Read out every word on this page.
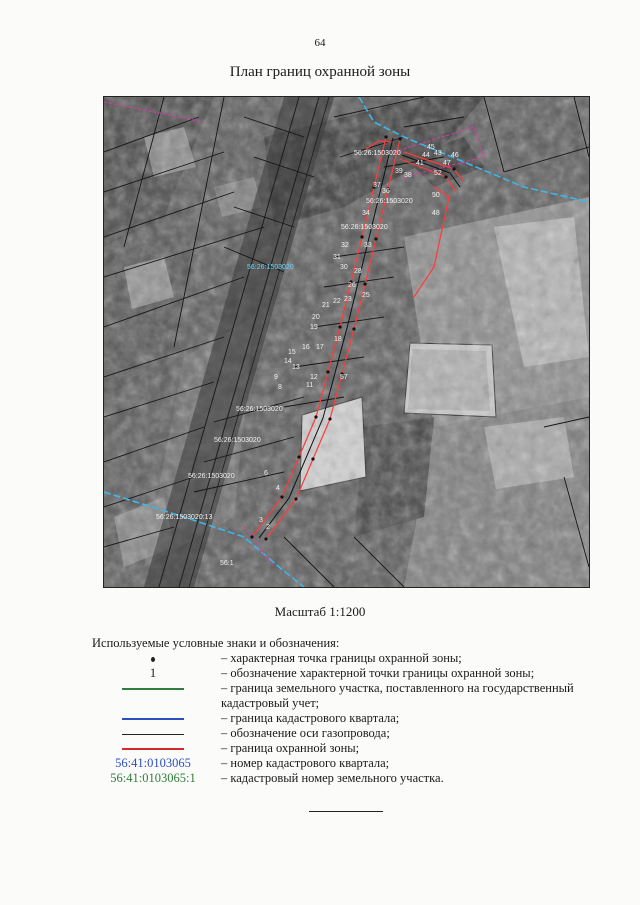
64
План границ охранной зоны
45
44 43
41
39
38
37
36
34
32 33
31
30
28
26
25
23
22
21
20
19
18
17
16
15
14
13
12
11
9
8
57
6
4
3
2
52
50
48
46
47
56:26:1503020
56:26:1503020
56:26:1503020
56:26:1503020
56:26:1503020
56:26:1503020
56:26:1503020
56:26:1503020:13
56:1
Масштаб 1:1200
Используемые условные знаки и обозначения:
– характерная точка границы охранной зоны;
1	– обозначение характерной точки границы охранной зоны;
– граница земельного участка, поставленного на государственный кадастровый учет;
– граница кадастрового квартала;
– обозначение оси газопровода;
– граница охранной зоны;
56:41:0103065	– номер кадастрового квартала;
56:41:0103065:1	– кадастровый номер земельного участка.
